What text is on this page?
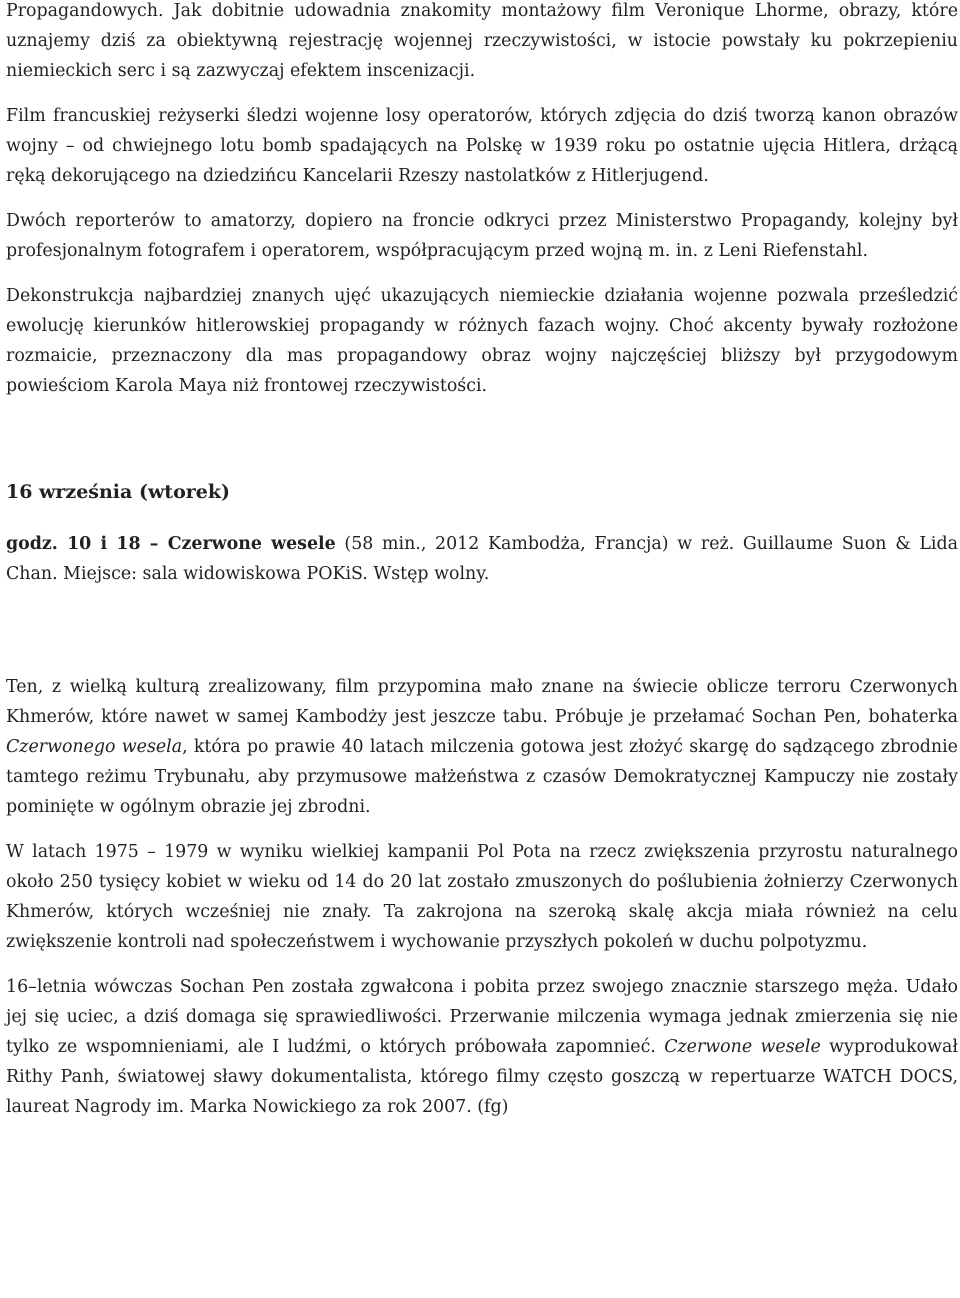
Propagandowych. Jak dobitnie udowadnia znakomity montażowy film Veronique Lhorme, obrazy, które uznajemy dziś za obiektywną rejestrację wojennej rzeczywistości, w istocie powstały ku pokrzepieniu niemieckich serc i są zazwyczaj efektem inscenizacji.

Film francuskiej reżyserki śledzi wojenne losy operatorów, których zdjęcia do dziś tworzą kanon obrazów wojny – od chwiejnego lotu bomb spadających na Polskę w 1939 roku po ostatnie ujęcia Hitlera, drżącą ręką dekorującego na dziedzińcu Kancelarii Rzeszy nastolatków z Hitlerjugend.

Dwóch reporterów to amatorzy, dopiero na froncie odkryci przez Ministerstwo Propagandy, kolejny był profesjonalnym fotografem i operatorem, współpracującym przed wojną m. in. z Leni Riefenstahl.

Dekonstrukcja najbardziej znanych ujęć ukazujących niemieckie działania wojenne pozwala prześledzić ewolucję kierunków hitlerowskiej propagandy w różnych fazach wojny. Choć akcenty bywały rozłożone rozmaicie, przeznaczony dla mas propagandowy obraz wojny najczęściej bliższy był przygodowym powieściom Karola Maya niż frontowej rzeczywistości.

16 września (wtorek)

godz. 10 i 18 – Czerwone wesele (58 min., 2012 Kambodża, Francja) w reż. Guillaume Suon & Lida Chan. Miejsce: sala widowiskowa POKiS. Wstęp wolny.

Ten, z wielką kulturą zrealizowany, film przypomina mało znane na świecie oblicze terroru Czerwonych Khmerów, które nawet w samej Kambodży jest jeszcze tabu. Próbuje je przełamać Sochan Pen, bohaterka Czerwonego wesela, która po prawie 40 latach milczenia gotowa jest złożyć skargę do sądzącego zbrodnie tamtego reżimu Trybunału, aby przymusowe małżeństwa z czasów Demokratycznej Kampuczy nie zostały pominięte w ogólnym obrazie jej zbrodni.

W latach 1975 – 1979 w wyniku wielkiej kampanii Pol Pota na rzecz zwiększenia przyrostu naturalnego około 250 tysięcy kobiet w wieku od 14 do 20 lat zostało zmuszonych do poślubienia żołnierzy Czerwonych Khmerów, których wcześniej nie znały. Ta zakrojona na szeroką skalę akcja miała również na celu zwiększenie kontroli nad społeczeństwem i wychowanie przyszłych pokoleń w duchu polpotyzmu.

16–letnia wówczas Sochan Pen została zgwałcona i pobita przez swojego znacznie starszego męża. Udało jej się uciec, a dziś domaga się sprawiedliwości. Przerwanie milczenia wymaga jednak zmierzenia się nie tylko ze wspomnieniami, ale I ludźmi, o których próbowała zapomnieć. Czerwone wesele wyprodukował Rithy Panh, światowej sławy dokumentalista, którego filmy często goszczą w repertuarze WATCH DOCS, laureat Nagrody im. Marka Nowickiego za rok 2007. (fg)
